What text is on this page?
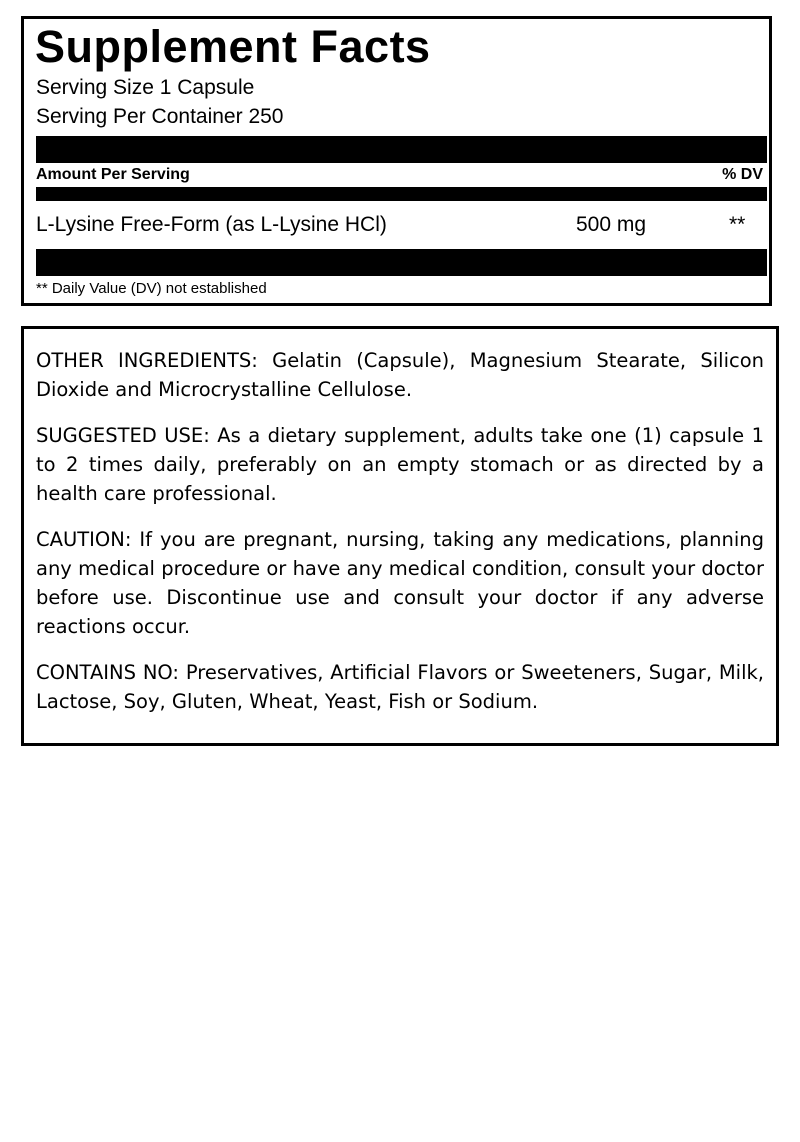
Supplement Facts
Serving Size 1 Capsule
Serving Per Container 250
Amount Per Serving	% DV
L-Lysine Free-Form (as L-Lysine HCl)	500 mg	**
** Daily Value (DV) not established

OTHER INGREDIENTS: Gelatin (Capsule), Magnesium Stearate, Silicon Dioxide and Microcrystalline Cellulose.

SUGGESTED USE: As a dietary supplement, adults take one (1) capsule 1 to 2 times daily, preferably on an empty stomach or as directed by a health care professional.

CAUTION: If you are pregnant, nursing, taking any medications, planning any medical procedure or have any medical condition, consult your doctor before use. Discontinue use and consult your doctor if any adverse reactions occur.

CONTAINS NO: Preservatives, Artificial Flavors or Sweeteners, Sugar, Milk, Lactose, Soy, Gluten, Wheat, Yeast, Fish or Sodium.
